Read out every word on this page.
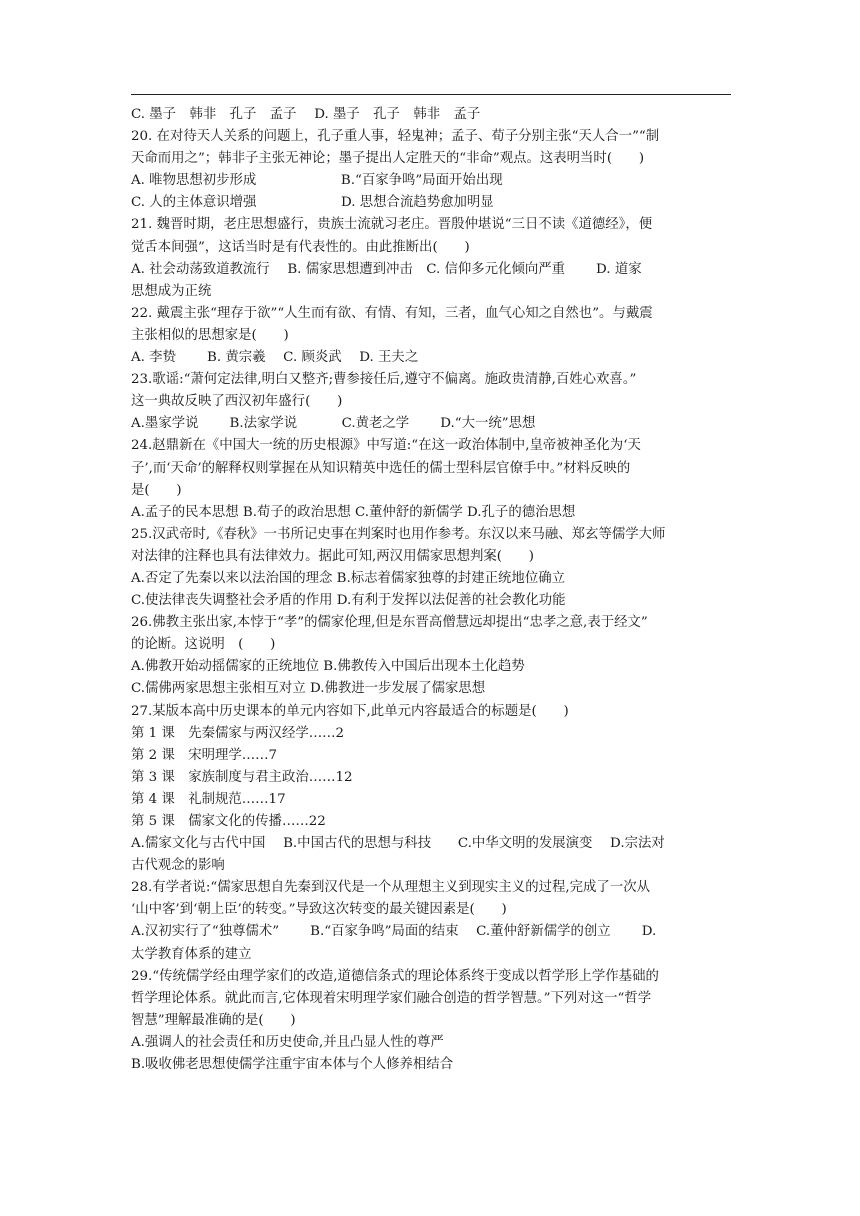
C. 墨子　韩非　孔子　孟子　 D. 墨子　孔子　韩非　孟子
20. 在对待天人关系的问题上，孔子重人事，轻鬼神；孟子、荀子分别主张“天人合一”“制
天命而用之”；韩非子主张无神论；墨子提出人定胜天的“非命”观点。这表明当时(　　)
A. 唯物思想初步形成　　　　　　 B.“百家争鸣”局面开始出现
C. 人的主体意识增强　　　　　　 D. 思想合流趋势愈加明显
21. 魏晋时期，老庄思想盛行，贵族士流就习老庄。晋殷仲堪说“三日不读《道德经》，便
觉舌本间强”，这话当时是有代表性的。由此推断出(　　)
A. 社会动荡致道教流行　 B. 儒家思想遭到冲击　C. 信仰多元化倾向严重　　 D. 道家
思想成为正统
22. 戴震主张“理存于欲”“人生而有欲、有情、有知，三者，血气心知之自然也”。与戴震
主张相似的思想家是(　　)
A. 李贽　　 B. 黄宗羲　 C. 顾炎武　 D. 王夫之
23.歌谣:“萧何定法律,明白又整齐;曹参接任后,遵守不偏离。施政贵清静,百姓心欢喜。”
这一典故反映了西汉初年盛行(　　)
A.墨家学说　　 B.法家学说　　　 C.黄老之学　　 D.“大一统”思想
24.赵鼎新在《中国大一统的历史根源》中写道:“在这一政治体制中,皇帝被神圣化为‘天
子’,而‘天命’的解释权则掌握在从知识精英中选任的儒士型科层官僚手中。”材料反映的
是(　　)
A.孟子的民本思想 B.荀子的政治思想 C.董仲舒的新儒学 D.孔子的德治思想
25.汉武帝时,《春秋》一书所记史事在判案时也用作参考。东汉以来马融、郑玄等儒学大师
对法律的注释也具有法律效力。据此可知,两汉用儒家思想判案(　　)
A.否定了先秦以来以法治国的理念 B.标志着儒家独尊的封建正统地位确立
C.使法律丧失调整社会矛盾的作用 D.有利于发挥以法促善的社会教化功能
26.佛教主张出家,本悖于“孝”的儒家伦理,但是东晋高僧慧远却提出“忠孝之意,表于经文”
的论断。这说明　(　　)
A.佛教开始动摇儒家的正统地位 B.佛教传入中国后出现本土化趋势
C.儒佛两家思想主张相互对立 D.佛教进一步发展了儒家思想
27.某版本高中历史课本的单元内容如下,此单元内容最适合的标题是(　　)
第 1 课　先秦儒家与两汉经学……2
第 2 课　宋明理学……7
第 3 课　家族制度与君主政治……12
第 4 课　礼制规范……17
第 5 课　儒家文化的传播……22
A.儒家文化与古代中国　 B.中国古代的思想与科技　　C.中华文明的发展演变　 D.宗法对
古代观念的影响
28.有学者说:“儒家思想自先秦到汉代是一个从理想主义到现实主义的过程,完成了一次从
‘山中客’到‘朝上臣’的转变。”导致这次转变的最关键因素是(　　)
A.汉初实行了“独尊儒术”　　 B.“百家争鸣”局面的结束　 C.董仲舒新儒学的创立　　 D.
太学教育体系的建立
29.“传统儒学经由理学家们的改造,道德信条式的理论体系终于变成以哲学形上学作基础的
哲学理论体系。就此而言,它体现着宋明理学家们融合创造的哲学智慧。”下列对这一“哲学
智慧”理解最准确的是(　　)
A.强调人的社会责任和历史使命,并且凸显人性的尊严
B.吸收佛老思想使儒学注重宇宙本体与个人修养相结合
